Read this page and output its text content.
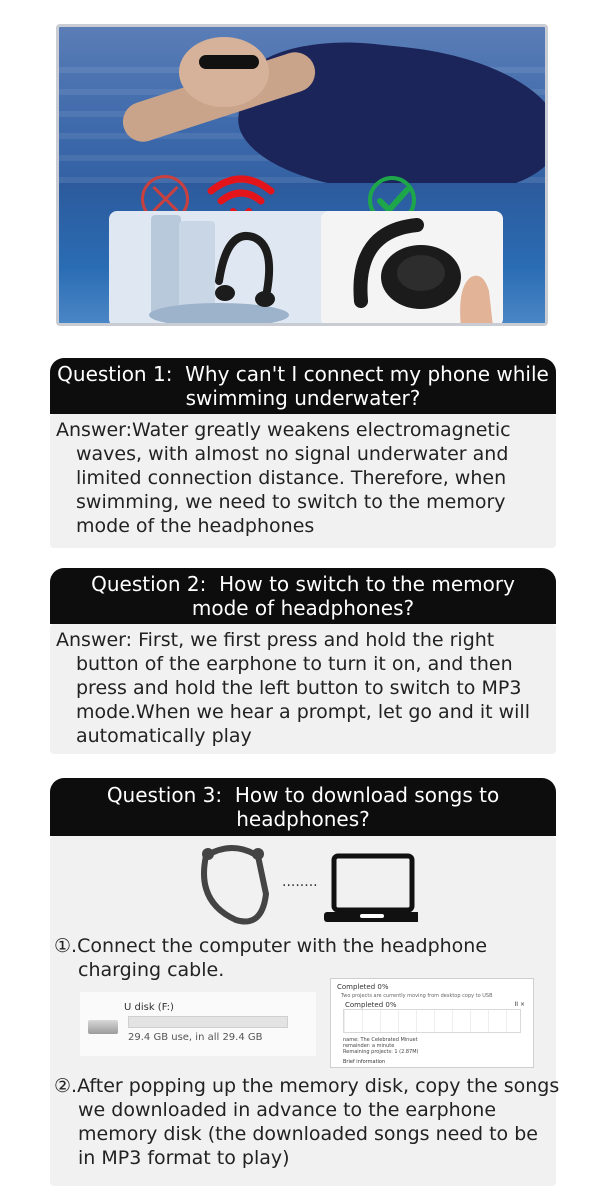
Question 1: Why can't I connect my phone while
swimming underwater?
Answer:Water greatly weakens electromagnetic waves, with almost no signal underwater and limited connection distance. Therefore, when swimming, we need to switch to the memory mode of the headphones
Question 2: How to switch to the memory
mode of headphones?
Answer: First, we first press and hold the right button of the earphone to turn it on, and then press and hold the left button to switch to MP3 mode.When we hear a prompt, let go and it will automatically play
Question 3: How to download songs to
headphones?
········
①.Connect the computer with the headphone charging cable.
U disk (F:)
29.4 GB use, in all 29.4 GB
Completed 0%
Two projects are currently moving from desktop copy to USB
Completed 0%	II ×
name: The Celebrated Minuet
remainder: a minute
Remaining projects: 1 (2.87M)
Brief information
②.After popping up the memory disk, copy the songs we downloaded in advance to the earphone memory disk (the downloaded songs need to be in MP3 format to play)
